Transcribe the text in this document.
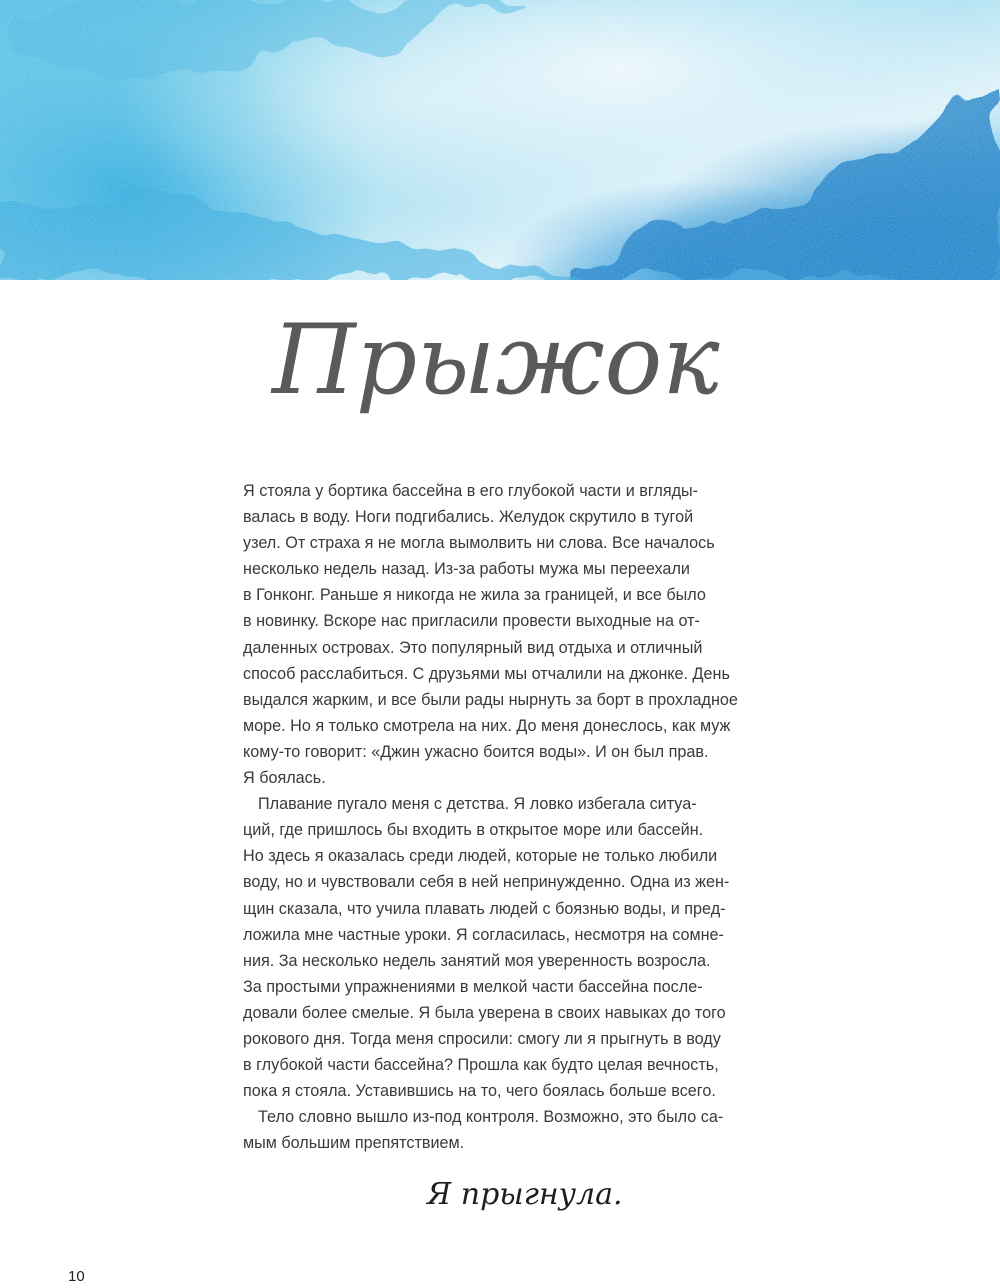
Прыжок

Я стояла у бортика бассейна в его глубокой части и вгляды-
валась в воду. Ноги подгибались. Желудок скрутило в тугой
узел. От страха я не могла вымолвить ни слова. Все началось
несколько недель назад. Из-за работы мужа мы переехали
в Гонконг. Раньше я никогда не жила за границей, и все было
в новинку. Вскоре нас пригласили провести выходные на от-
даленных островах. Это популярный вид отдыха и отличный
способ расслабиться. С друзьями мы отчалили на джонке. День
выдался жарким, и все были рады нырнуть за борт в прохладное
море. Но я только смотрела на них. До меня донеслось, как муж
кому-то говорит: «Джин ужасно боится воды». И он был прав.
Я боялась.

Плавание пугало меня с детства. Я ловко избегала ситуа-
ций, где пришлось бы входить в открытое море или бассейн.
Но здесь я оказалась среди людей, которые не только любили
воду, но и чувствовали себя в ней непринужденно. Одна из жен-
щин сказала, что учила плавать людей с боязнью воды, и пред-
ложила мне частные уроки. Я согласилась, несмотря на сомне-
ния. За несколько недель занятий моя уверенность возросла.
За простыми упражнениями в мелкой части бассейна после-
довали более смелые. Я была уверена в своих навыках до того
рокового дня. Тогда меня спросили: смогу ли я прыгнуть в воду
в глубокой части бассейна? Прошла как будто целая вечность,
пока я стояла. Уставившись на то, чего боялась больше всего.

Тело словно вышло из-под контроля. Возможно, это было са-
мым большим препятствием.

Я прыгнула.
10
